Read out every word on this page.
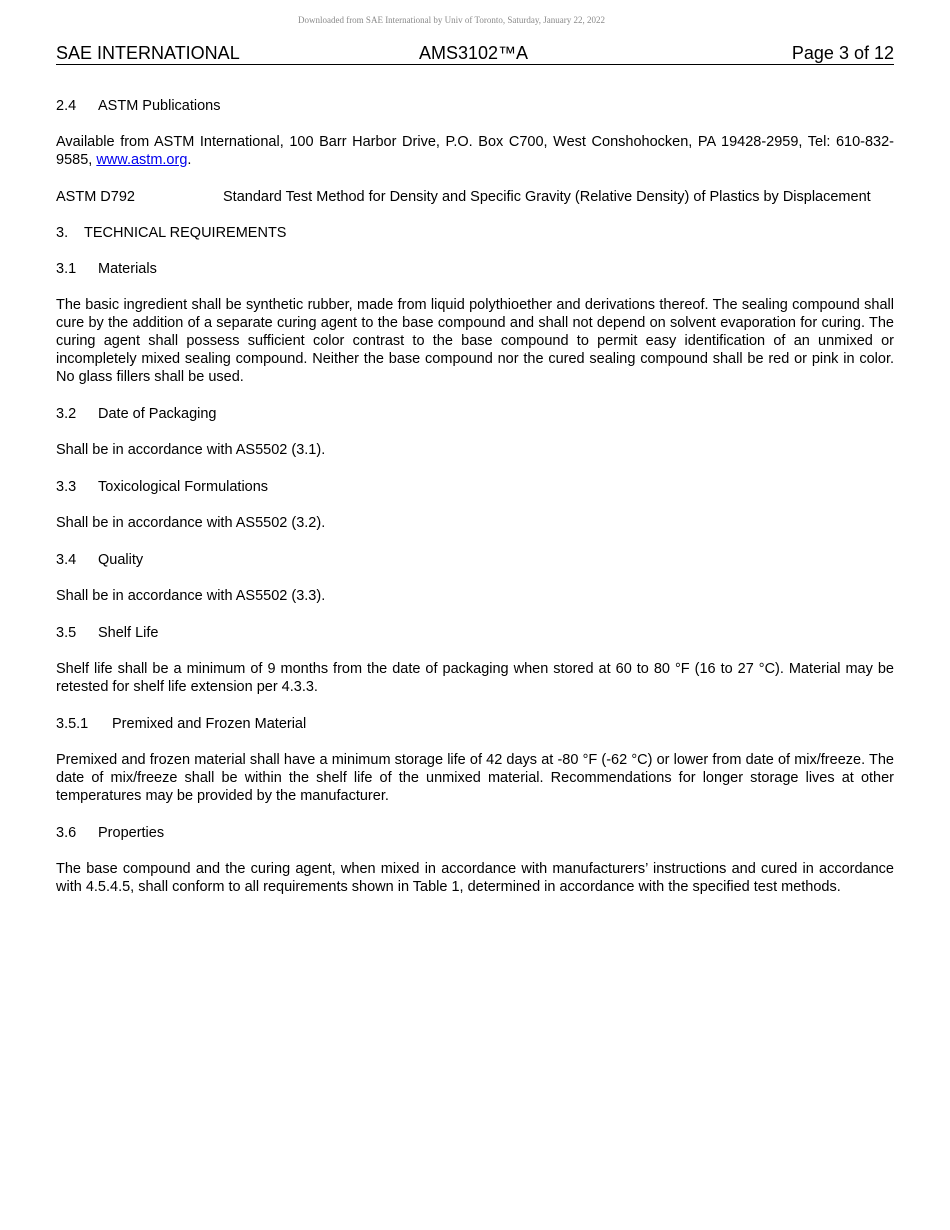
Downloaded from SAE International by Univ of Toronto, Saturday, January 22, 2022
SAE INTERNATIONAL	AMS3102™A	Page 3 of 12
2.4	ASTM Publications

Available from ASTM International, 100 Barr Harbor Drive, P.O. Box C700, West Conshohocken, PA 19428-2959, Tel: 610-832-9585, www.astm.org.

ASTM D792	Standard Test Method for Density and Specific Gravity (Relative Density) of Plastics by Displacement
3.	TECHNICAL REQUIREMENTS
3.1	Materials

The basic ingredient shall be synthetic rubber, made from liquid polythioether and derivations thereof. The sealing compound shall cure by the addition of a separate curing agent to the base compound and shall not depend on solvent evaporation for curing. The curing agent shall possess sufficient color contrast to the base compound to permit easy identification of an unmixed or incompletely mixed sealing compound. Neither the base compound nor the cured sealing compound shall be red or pink in color. No glass fillers shall be used.

3.2	Date of Packaging

Shall be in accordance with AS5502 (3.1).

3.3	Toxicological Formulations

Shall be in accordance with AS5502 (3.2).

3.4	Quality

Shall be in accordance with AS5502 (3.3).

3.5	Shelf Life

Shelf life shall be a minimum of 9 months from the date of packaging when stored at 60 to 80 °F (16 to 27 °C). Material may be retested for shelf life extension per 4.3.3.

3.5.1	Premixed and Frozen Material

Premixed and frozen material shall have a minimum storage life of 42 days at -80 °F (-62 °C) or lower from date of mix/freeze. The date of mix/freeze shall be within the shelf life of the unmixed material. Recommendations for longer storage lives at other temperatures may be provided by the manufacturer.

3.6	Properties

The base compound and the curing agent, when mixed in accordance with manufacturers’ instructions and cured in accordance with 4.5.4.5, shall conform to all requirements shown in Table 1, determined in accordance with the specified test methods.
